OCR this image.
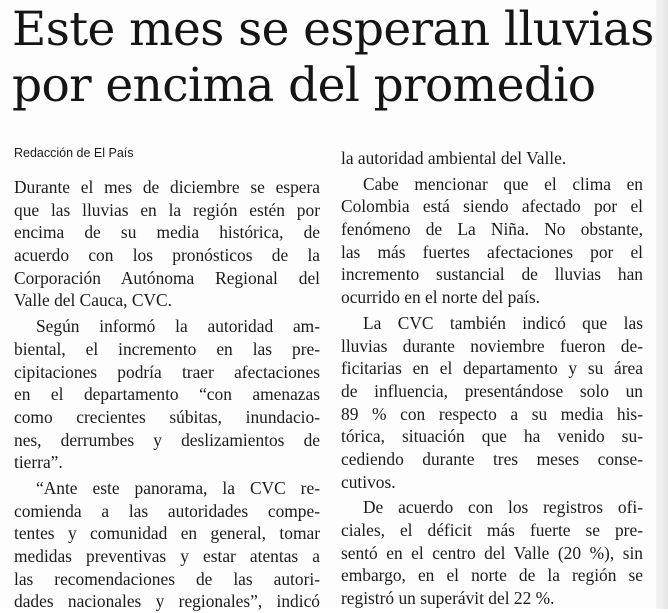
Este mes se esperan lluvias
por encima del promedio
Redacción de El País
Durante el mes de diciembre se espera
que las lluvias en la región estén por
encima de su media histórica, de
acuerdo con los pronósticos de la
Corporación Autónoma Regional del
Valle del Cauca, CVC.
Según informó la autoridad am-
biental, el incremento en las pre-
cipitaciones podría traer afectaciones
en el departamento “con amenazas
como crecientes súbitas, inundacio-
nes, derrumbes y deslizamientos de
tierra”.
“Ante este panorama, la CVC re-
comienda a las autoridades compe-
tentes y comunidad en general, tomar
medidas preventivas y estar atentas a
las recomendaciones de las autori-
dades nacionales y regionales”, indicó
la autoridad ambiental del Valle.
Cabe mencionar que el clima en
Colombia está siendo afectado por el
fenómeno de La Niña. No obstante,
las más fuertes afectaciones por el
incremento sustancial de lluvias han
ocurrido en el norte del país.
La CVC también indicó que las
lluvias durante noviembre fueron de-
ficitarias en el departamento y su área
de influencia, presentándose solo un
89 % con respecto a su media his-
tórica, situación que ha venido su-
cediendo durante tres meses conse-
cutivos.
De acuerdo con los registros ofi-
ciales, el déficit más fuerte se pre-
sentó en el centro del Valle (20 %), sin
embargo, en el norte de la región se
registró un superávit del 22 %.
